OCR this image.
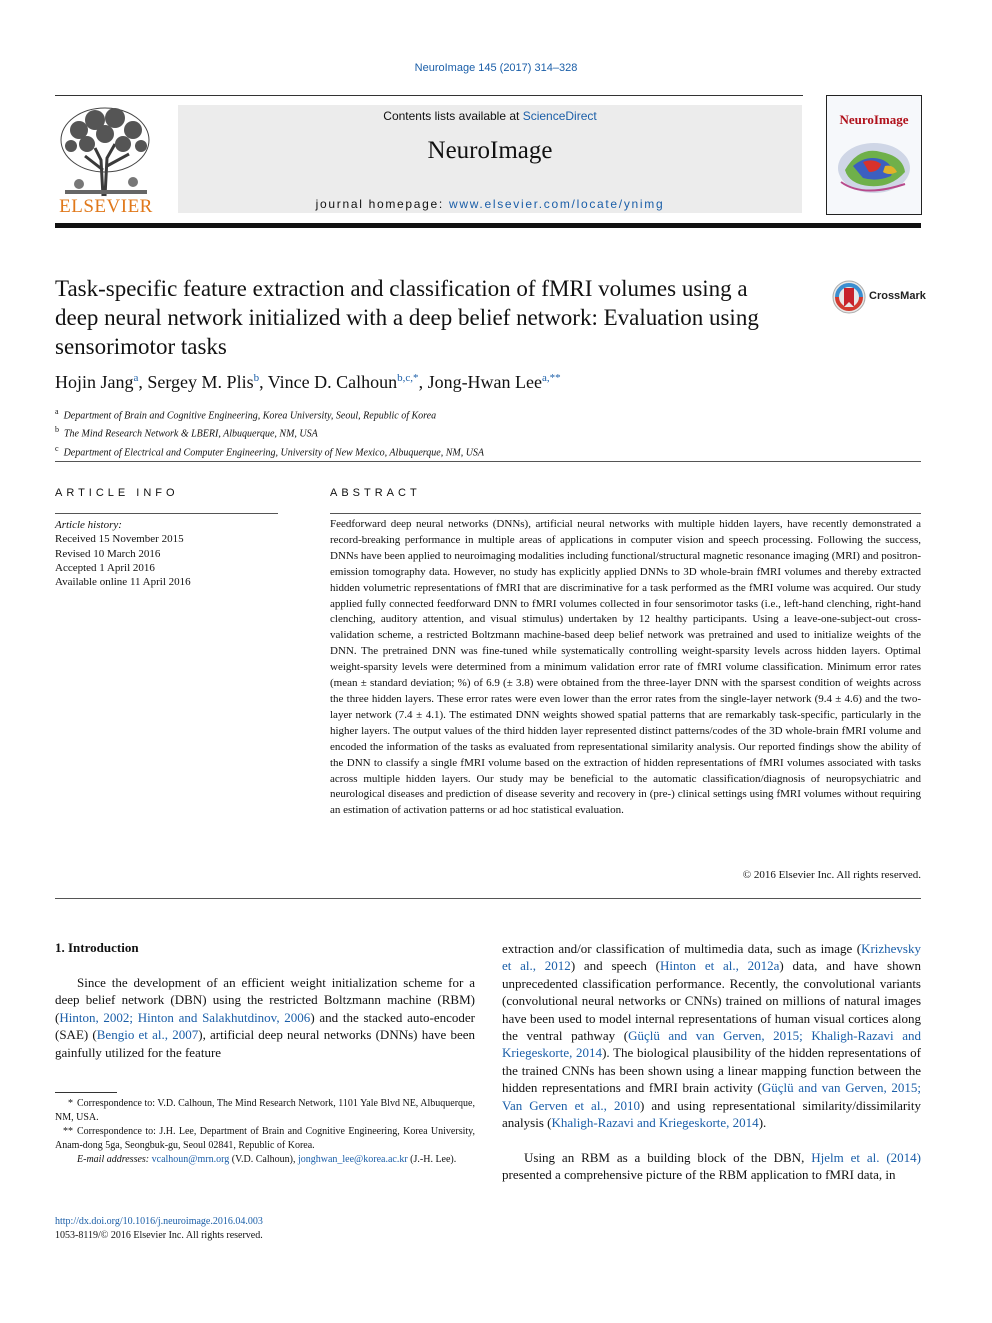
NeuroImage 145 (2017) 314–328
ELSEVIER
Contents lists available at ScienceDirect
NeuroImage
journal homepage: www.elsevier.com/locate/ynimg
NeuroImage
Task-specific feature extraction and classification of fMRI volumes using a deep neural network initialized with a deep belief network: Evaluation using sensorimotor tasks
CrossMark
Hojin Jang$^a$, Sergey M. Plis$^b$, Vince D. Calhoun$^{b,c,*}$, Jong-Hwan Lee$^{a,**}$
$^a$ Department of Brain and Cognitive Engineering, Korea University, Seoul, Republic of Korea
$^b$ The Mind Research Network & LBERI, Albuquerque, NM, USA
$^c$ Department of Electrical and Computer Engineering, University of New Mexico, Albuquerque, NM, USA
ARTICLE INFO
Article history:
Received 15 November 2015
Revised 10 March 2016
Accepted 1 April 2016
Available online 11 April 2016
ABSTRACT
Feedforward deep neural networks (DNNs), artificial neural networks with multiple hidden layers, have recently demonstrated a record-breaking performance in multiple areas of applications in computer vision and speech processing. Following the success, DNNs have been applied to neuroimaging modalities including functional/structural magnetic resonance imaging (MRI) and positron-emission tomography data. However, no study has explicitly applied DNNs to 3D whole-brain fMRI volumes and thereby extracted hidden volumetric representations of fMRI that are discriminative for a task performed as the fMRI volume was acquired. Our study applied fully connected feedforward DNN to fMRI volumes collected in four sensorimotor tasks (i.e., left-hand clenching, right-hand clenching, auditory attention, and visual stimulus) undertaken by 12 healthy participants. Using a leave-one-subject-out cross-validation scheme, a restricted Boltzmann machine-based deep belief network was pretrained and used to initialize weights of the DNN. The pretrained DNN was fine-tuned while systematically controlling weight-sparsity levels across hidden layers. Optimal weight-sparsity levels were determined from a minimum validation error rate of fMRI volume classification. Minimum error rates (mean ± standard deviation; %) of 6.9 (± 3.8) were obtained from the three-layer DNN with the sparsest condition of weights across the three hidden layers. These error rates were even lower than the error rates from the single-layer network (9.4 ± 4.6) and the two-layer network (7.4 ± 4.1). The estimated DNN weights showed spatial patterns that are remarkably task-specific, particularly in the higher layers. The output values of the third hidden layer represented distinct patterns/codes of the 3D whole-brain fMRI volume and encoded the information of the tasks as evaluated from representational similarity analysis. Our reported findings show the ability of the DNN to classify a single fMRI volume based on the extraction of hidden representations of fMRI volumes associated with tasks across multiple hidden layers. Our study may be beneficial to the automatic classification/diagnosis of neuropsychiatric and neurological diseases and prediction of disease severity and recovery in (pre-) clinical settings using fMRI volumes without requiring an estimation of activation patterns or ad hoc statistical evaluation.
© 2016 Elsevier Inc. All rights reserved.
1. Introduction
Since the development of an efficient weight initialization scheme for a deep belief network (DBN) using the restricted Boltzmann machine (RBM) (Hinton, 2002; Hinton and Salakhutdinov, 2006) and the stacked auto-encoder (SAE) (Bengio et al., 2007), artificial deep neural networks (DNNs) have been gainfully utilized for the feature
extraction and/or classification of multimedia data, such as image (Krizhevsky et al., 2012) and speech (Hinton et al., 2012a) data, and have shown unprecedented classification performance. Recently, the convolutional variants (convolutional neural networks or CNNs) trained on millions of natural images have been used to model internal representations of human visual cortices along the ventral pathway (Güçlü and van Gerven, 2015; Khaligh-Razavi and Kriegeskorte, 2014). The biological plausibility of the hidden representations of the trained CNNs has been shown using a linear mapping function between the hidden representations and fMRI brain activity (Güçlü and van Gerven, 2015; Van Gerven et al., 2010) and using representational similarity/dissimilarity analysis (Khaligh-Razavi and Kriegeskorte, 2014).
Using an RBM as a building block of the DBN, Hjelm et al. (2014) presented a comprehensive picture of the RBM application to fMRI data, in

* Correspondence to: V.D. Calhoun, The Mind Research Network, 1101 Yale Blvd NE, Albuquerque, NM, USA.

** Correspondence to: J.H. Lee, Department of Brain and Cognitive Engineering, Korea University, Anam-dong 5ga, Seongbuk-gu, Seoul 02841, Republic of Korea.

E-mail addresses: vcalhoun@mrn.org (V.D. Calhoun), jonghwan_lee@korea.ac.kr (J.-H. Lee).

http://dx.doi.org/10.1016/j.neuroimage.2016.04.003
1053-8119/© 2016 Elsevier Inc. All rights reserved.
